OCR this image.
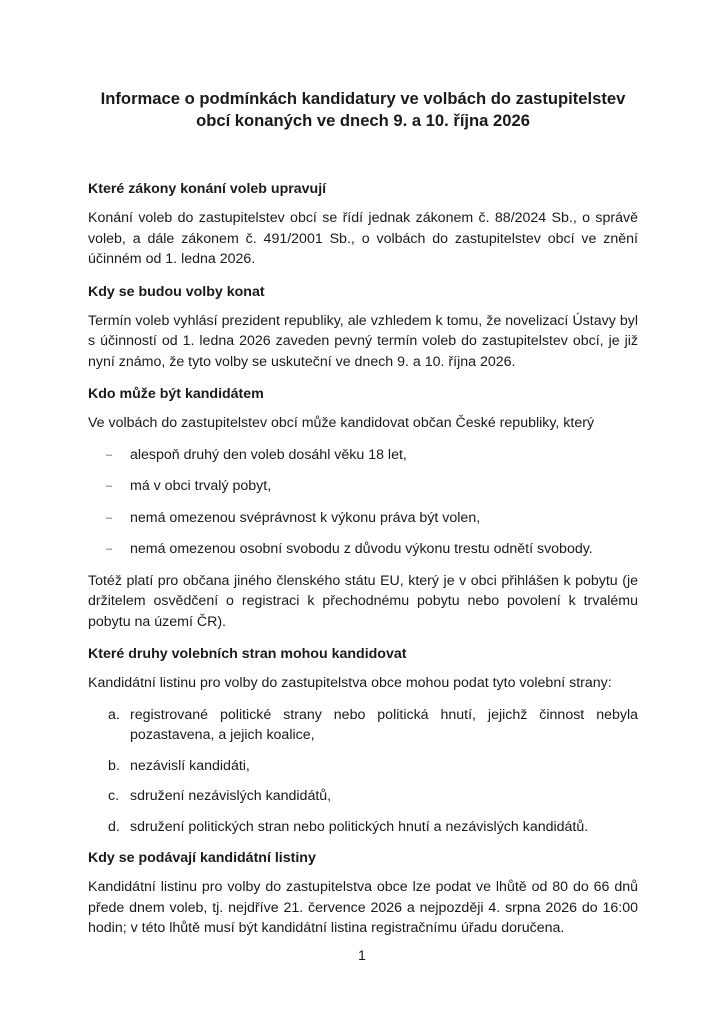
Informace o podmínkách kandidatury ve volbách do zastupitelstev
obcí konaných ve dnech 9. a 10. října 2026
Které zákony konání voleb upravují

Konání voleb do zastupitelstev obcí se řídí jednak zákonem č. 88/2024 Sb., o správě voleb, a dále zákonem č. 491/2001 Sb., o volbách do zastupitelstev obcí ve znění účinném od 1. ledna 2026.

Kdy se budou volby konat

Termín voleb vyhlásí prezident republiky, ale vzhledem k tomu, že novelizací Ústavy byl s účinností od 1. ledna 2026 zaveden pevný termín voleb do zastupitelstev obcí, je již nyní známo, že tyto volby se uskuteční ve dnech 9. a 10. října 2026.

Kdo může být kandidátem

Ve volbách do zastupitelstev obcí může kandidovat občan České republiky, který

– alespoň druhý den voleb dosáhl věku 18 let,
– má v obci trvalý pobyt,
– nemá omezenou svéprávnost k výkonu práva být volen,
– nemá omezenou osobní svobodu z důvodu výkonu trestu odnětí svobody.

Totéž platí pro občana jiného členského státu EU, který je v obci přihlášen k pobytu (je držitelem osvědčení o registraci k přechodnému pobytu nebo povolení k trvalému pobytu na území ČR).

Které druhy volebních stran mohou kandidovat

Kandidátní listinu pro volby do zastupitelstva obce mohou podat tyto volební strany:

a. registrované politické strany nebo politická hnutí, jejichž činnost nebyla pozastavena, a jejich koalice,
b. nezávislí kandidáti,
c. sdružení nezávislých kandidátů,
d. sdružení politických stran nebo politických hnutí a nezávislých kandidátů.
Kdy se podávají kandidátní listiny

Kandidátní listinu pro volby do zastupitelstva obce lze podat ve lhůtě od 80 do 66 dnů přede dnem voleb, tj. nejdříve 21. července 2026 a nejpozději 4. srpna 2026 do 16:00 hodin; v této lhůtě musí být kandidátní listina registračnímu úřadu doručena.

1
